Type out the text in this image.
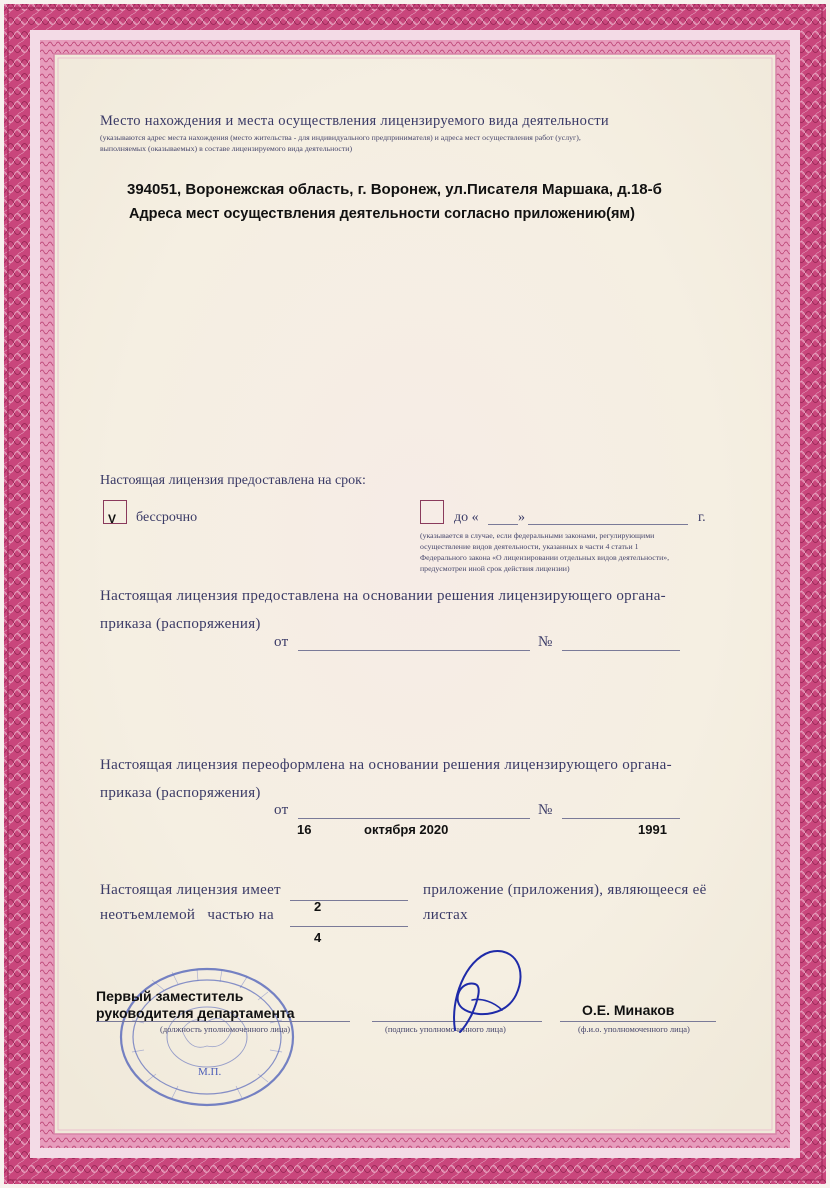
Место нахождения и места осуществления лицензируемого вида деятельности
(указываются адрес места нахождения (место жительства - для индивидуального предпринимателя) и адреса мест осуществления работ (услуг),
выполняемых (оказываемых) в составе лицензируемого вида деятельности)
394051, Воронежская область, г. Воронеж, ул.Писателя Маршака, д.18-б
Адреса мест осуществления деятельности согласно приложению(ям)
Настоящая лицензия предоставлена на срок:
V бессрочно	до «	»	г.
(указывается в случае, если федеральными законами, регулирующими
осуществление видов деятельности, указанных в части 4 статьи 1
Федерального закона «О лицензировании отдельных видов деятельности»,
предусмотрен иной срок действия лицензии)
Настоящая лицензия предоставлена на основании решения лицензирующего органа-
приказа (распоряжения)
от	№
Настоящая лицензия переоформлена на основании решения лицензирующего органа-
приказа (распоряжения)
от	№
16	октября 2020	1991
Настоящая лицензия имеет
2
приложение (приложения), являющееся её
неотъемлемой   частью на
4
листах
М.П.
Первый заместитель
руководителя департамента
(должность уполномоченного лица)	(подпись уполномоченного лица)
О.Е. Минаков
(ф.и.о. уполномоченного лица)
